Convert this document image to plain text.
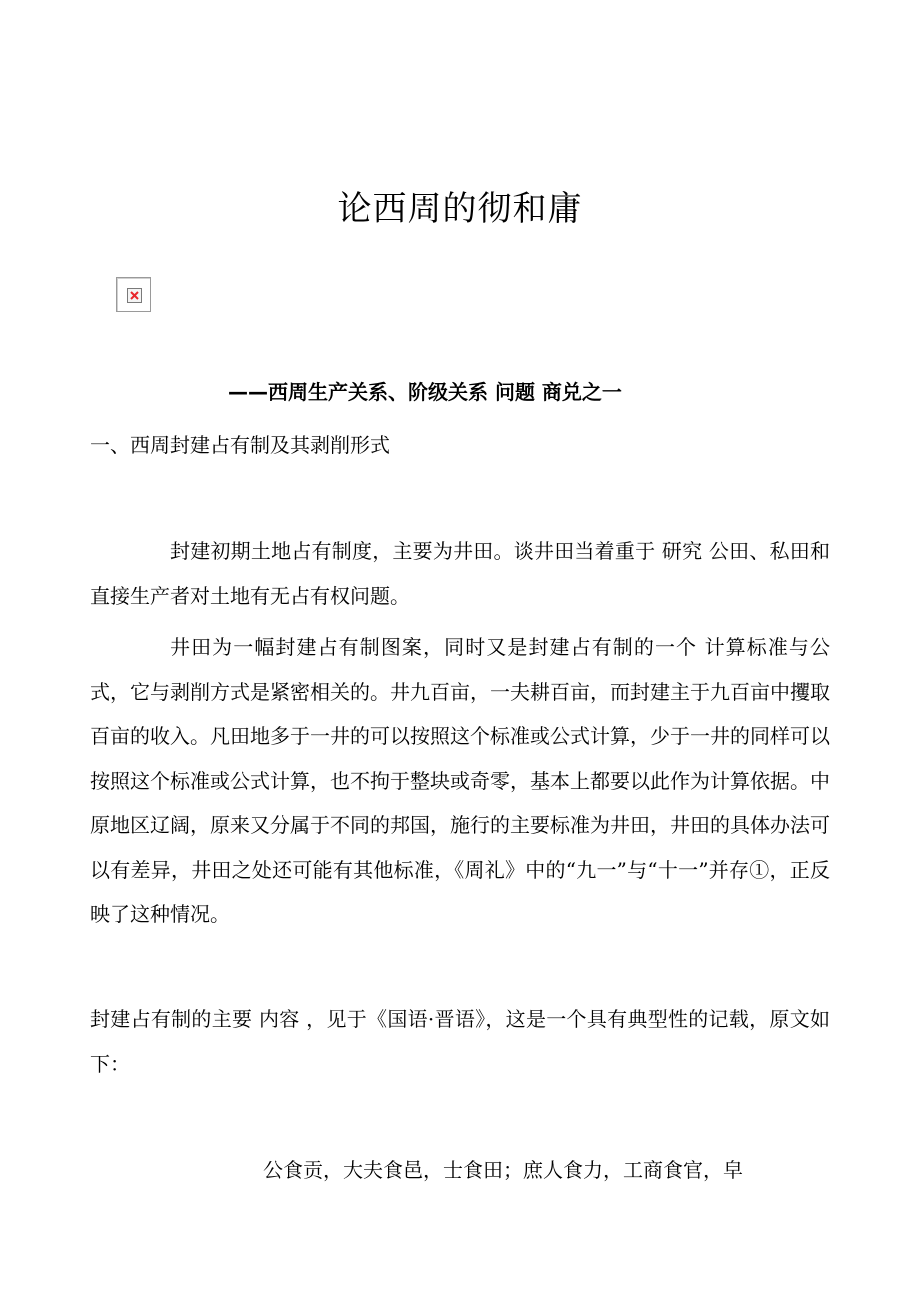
论西周的彻和庸
——西周生产关系、阶级关系 问题 商兑之一
一、西周封建占有制及其剥削形式
封建初期土地占有制度，主要为井田。谈井田当着重于 研究 公田、私田和直接生产者对土地有无占有权问题。
井田为一幅封建占有制图案，同时又是封建占有制的一个 计算标准与公式，它与剥削方式是紧密相关的。井九百亩，一夫耕百亩，而封建主于九百亩中攫取百亩的收入。凡田地多于一井的可以按照这个标准或公式计算，少于一井的同样可以按照这个标准或公式计算，也不拘于整块或奇零，基本上都要以此作为计算依据。中原地区辽阔，原来又分属于不同的邦国，施行的主要标准为井田，井田的具体办法可以有差异，井田之处还可能有其他标准，《周礼》中的“九一”与“十一”并存①，正反映了这种情况。
封建占有制的主要 内容 ，见于《国语·晋语》，这是一个具有典型性的记载，原文如下：
公食贡，大夫食邑，士食田；庶人食力，工商食官，皁
